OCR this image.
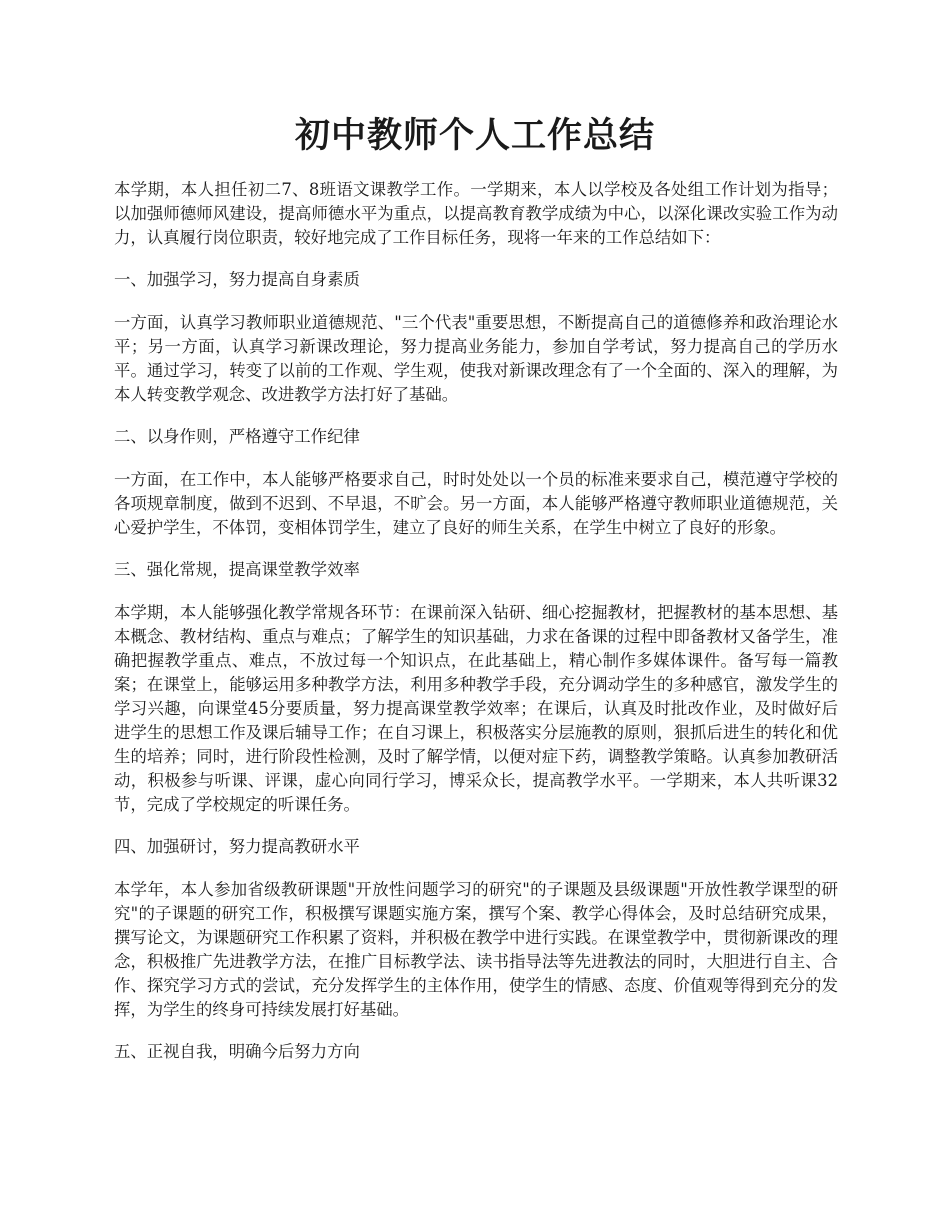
初中教师个人工作总结

本学期，本人担任初二7、8班语文课教学工作。一学期来，本人以学校及各处组工作计划为指导；以加强师德师风建设，提高师德水平为重点，以提高教育教学成绩为中心，以深化课改实验工作为动力，认真履行岗位职责，较好地完成了工作目标任务，现将一年来的工作总结如下：

一、加强学习，努力提高自身素质

一方面，认真学习教师职业道德规范、"三个代表"重要思想，不断提高自己的道德修养和政治理论水平；另一方面，认真学习新课改理论，努力提高业务能力，参加自学考试，努力提高自己的学历水平。通过学习，转变了以前的工作观、学生观，使我对新课改理念有了一个全面的、深入的理解，为本人转变教学观念、改进教学方法打好了基础。

二、以身作则，严格遵守工作纪律

一方面，在工作中，本人能够严格要求自己，时时处处以一个员的标准来要求自己，模范遵守学校的各项规章制度，做到不迟到、不早退，不旷会。另一方面，本人能够严格遵守教师职业道德规范，关心爱护学生，不体罚，变相体罚学生，建立了良好的师生关系，在学生中树立了良好的形象。

三、强化常规，提高课堂教学效率

本学期，本人能够强化教学常规各环节：在课前深入钻研、细心挖掘教材，把握教材的基本思想、基本概念、教材结构、重点与难点；了解学生的知识基础，力求在备课的过程中即备教材又备学生，准确把握教学重点、难点，不放过每一个知识点，在此基础上，精心制作多媒体课件。备写每一篇教案；在课堂上，能够运用多种教学方法，利用多种教学手段，充分调动学生的多种感官，激发学生的学习兴趣，向课堂45分要质量，努力提高课堂教学效率；在课后，认真及时批改作业，及时做好后进学生的思想工作及课后辅导工作；在自习课上，积极落实分层施教的原则，狠抓后进生的转化和优生的培养；同时，进行阶段性检测，及时了解学情，以便对症下药，调整教学策略。认真参加教研活动，积极参与听课、评课，虚心向同行学习，博采众长，提高教学水平。一学期来，本人共听课32节，完成了学校规定的听课任务。

四、加强研讨，努力提高教研水平

本学年，本人参加省级教研课题"开放性问题学习的研究"的子课题及县级课题"开放性教学课型的研究"的子课题的研究工作，积极撰写课题实施方案，撰写个案、教学心得体会，及时总结研究成果，撰写论文，为课题研究工作积累了资料，并积极在教学中进行实践。在课堂教学中，贯彻新课改的理念，积极推广先进教学方法，在推广目标教学法、读书指导法等先进教法的同时，大胆进行自主、合作、探究学习方式的尝试，充分发挥学生的主体作用，使学生的情感、态度、价值观等得到充分的发挥，为学生的终身可持续发展打好基础。

五、正视自我，明确今后努力方向
